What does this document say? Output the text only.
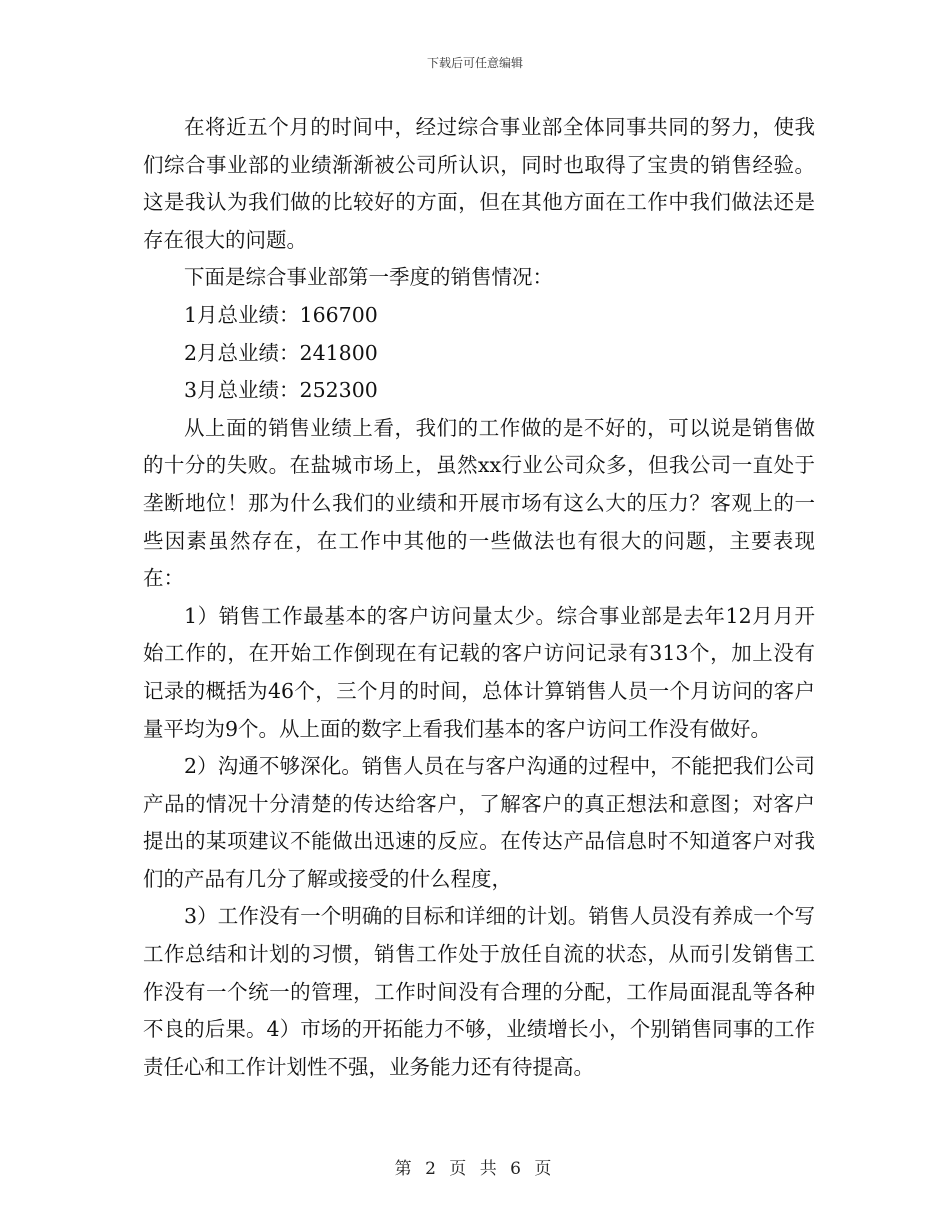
下载后可任意编辑

在将近五个月的时间中，经过综合事业部全体同事共同的努力，使我们综合事业部的业绩渐渐被公司所认识，同时也取得了宝贵的销售经验。这是我认为我们做的比较好的方面，但在其他方面在工作中我们做法还是存在很大的问题。

下面是综合事业部第一季度的销售情况：

1月总业绩：166700

2月总业绩：241800

3月总业绩：252300

从上面的销售业绩上看，我们的工作做的是不好的，可以说是销售做的十分的失败。在盐城市场上，虽然xx行业公司众多，但我公司一直处于垄断地位！那为什么我们的业绩和开展市场有这么大的压力？客观上的一些因素虽然存在，在工作中其他的一些做法也有很大的问题，主要表现在：

1）销售工作最基本的客户访问量太少。综合事业部是去年12月月开始工作的，在开始工作倒现在有记载的客户访问记录有313个，加上没有记录的概括为46个，三个月的时间，总体计算销售人员一个月访问的客户量平均为9个。从上面的数字上看我们基本的客户访问工作没有做好。

2）沟通不够深化。销售人员在与客户沟通的过程中，不能把我们公司产品的情况十分清楚的传达给客户，了解客户的真正想法和意图；对客户提出的某项建议不能做出迅速的反应。在传达产品信息时不知道客户对我们的产品有几分了解或接受的什么程度，

3）工作没有一个明确的目标和详细的计划。销售人员没有养成一个写工作总结和计划的习惯，销售工作处于放任自流的状态，从而引发销售工作没有一个统一的管理，工作时间没有合理的分配，工作局面混乱等各种不良的后果。4）市场的开拓能力不够，业绩增长小，个别销售同事的工作责任心和工作计划性不强，业务能力还有待提高。

第 2 页 共 6 页
